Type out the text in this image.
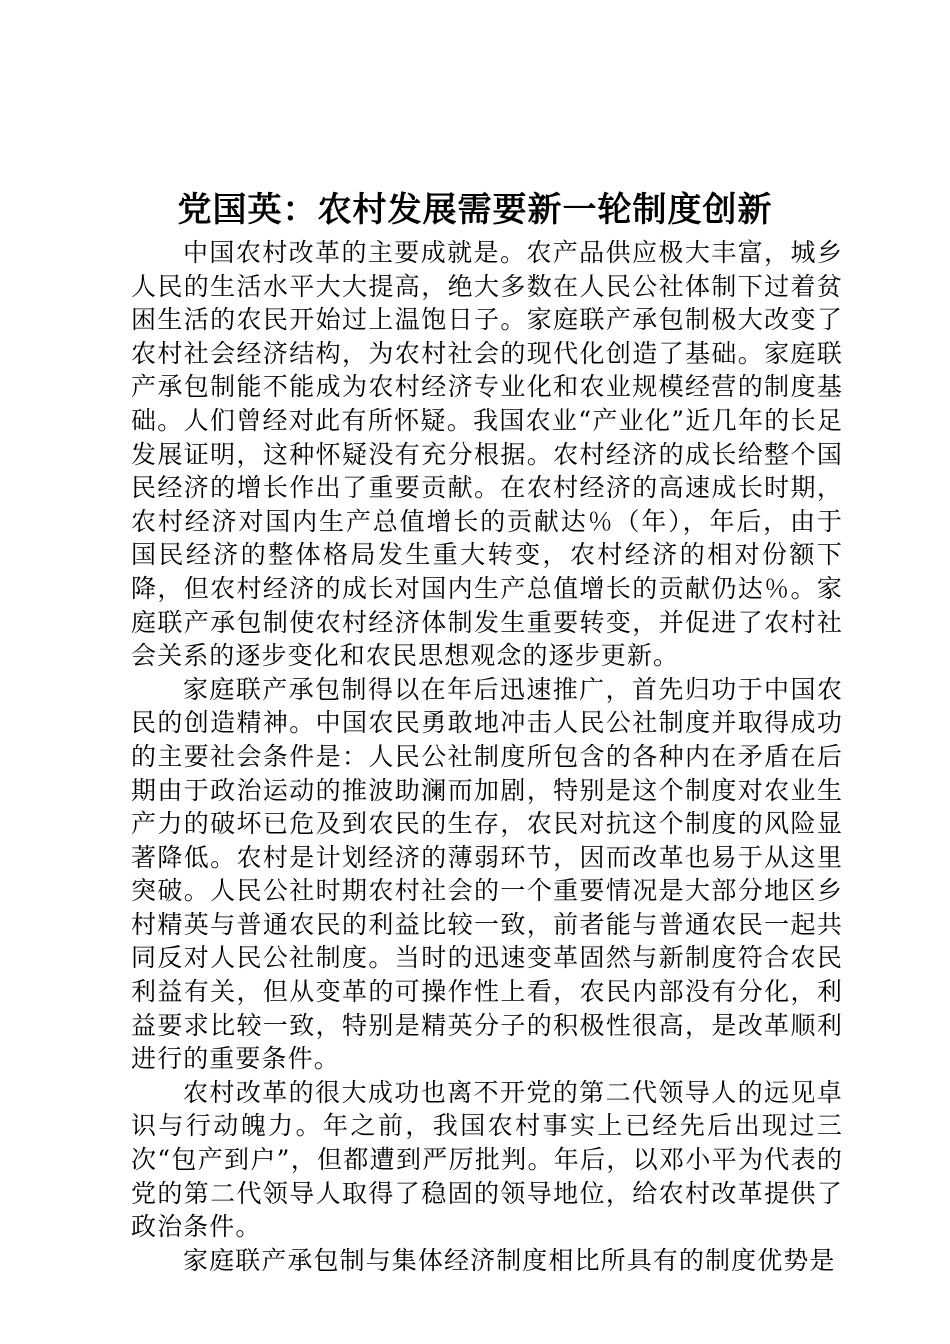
党国英：农村发展需要新一轮制度创新

中国农村改革的主要成就是。农产品供应极大丰富，城乡人民的生活水平大大提高，绝大多数在人民公社体制下过着贫困生活的农民开始过上温饱日子。家庭联产承包制极大改变了农村社会经济结构，为农村社会的现代化创造了基础。家庭联产承包制能不能成为农村经济专业化和农业规模经营的制度基础。人们曾经对此有所怀疑。我国农业“产业化”近几年的长足发展证明，这种怀疑没有充分根据。农村经济的成长给整个国民经济的增长作出了重要贡献。在农村经济的高速成长时期，农村经济对国内生产总值增长的贡献达％（年），年后，由于国民经济的整体格局发生重大转变，农村经济的相对份额下降，但农村经济的成长对国内生产总值增长的贡献仍达％。家庭联产承包制使农村经济体制发生重要转变，并促进了农村社会关系的逐步变化和农民思想观念的逐步更新。

家庭联产承包制得以在年后迅速推广，首先归功于中国农民的创造精神。中国农民勇敢地冲击人民公社制度并取得成功的主要社会条件是：人民公社制度所包含的各种内在矛盾在后期由于政治运动的推波助澜而加剧，特别是这个制度对农业生产力的破坏已危及到农民的生存，农民对抗这个制度的风险显著降低。农村是计划经济的薄弱环节，因而改革也易于从这里突破。人民公社时期农村社会的一个重要情况是大部分地区乡村精英与普通农民的利益比较一致，前者能与普通农民一起共同反对人民公社制度。当时的迅速变革固然与新制度符合农民利益有关，但从变革的可操作性上看，农民内部没有分化，利益要求比较一致，特别是精英分子的积极性很高，是改革顺利进行的重要条件。

农村改革的很大成功也离不开党的第二代领导人的远见卓识与行动魄力。年之前，我国农村事实上已经先后出现过三次“包产到户”，但都遭到严厉批判。年后，以邓小平为代表的党的第二代领导人取得了稳固的领导地位，给农村改革提供了政治条件。

家庭联产承包制与集体经济制度相比所具有的制度优势是
